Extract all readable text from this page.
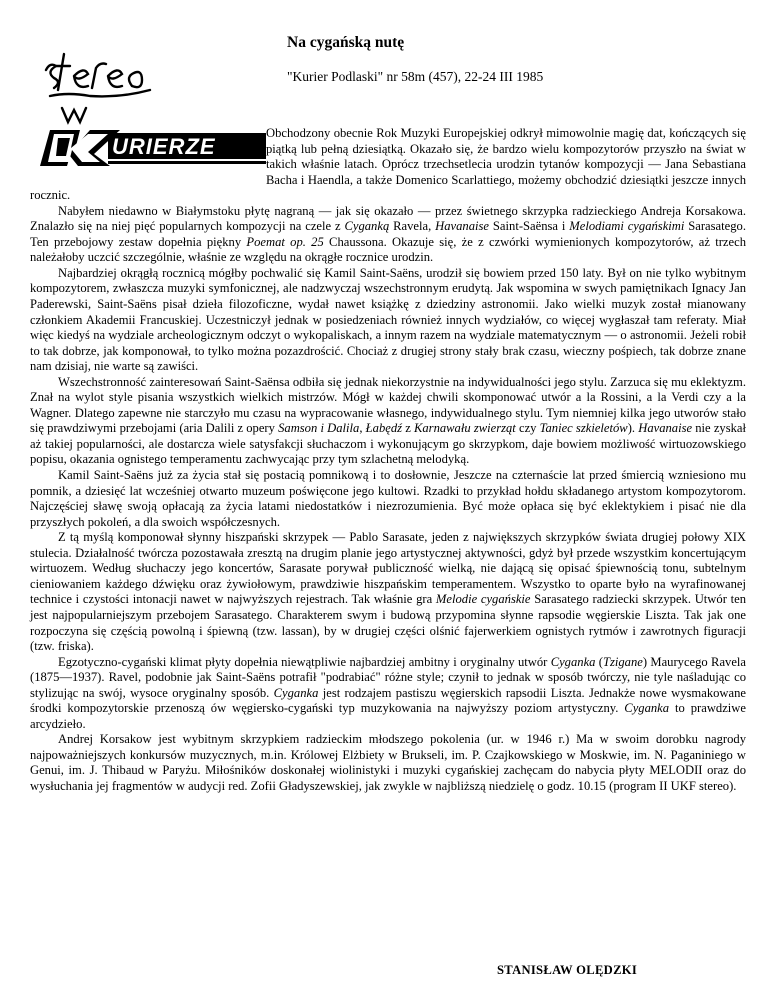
URIERZE
Na cygańską nutę
"Kurier Podlaski" nr 58m (457), 22-24 III 1985

Obchodzony obecnie Rok Muzyki Europejskiej odkrył mimowolnie magię dat, kończących się piątką lub pełną dziesiątką. Okazało się, że bardzo wielu kompozytorów przyszło na świat w takich właśnie latach. Oprócz trzechsetlecia urodzin tytanów kompozycji — Jana Sebastiana Bacha i Haendla, a także Domenico Scarlattiego, możemy obchodzić dziesiątki jeszcze innych rocznic.

Nabyłem niedawno w Białymstoku płytę nagraną — jak się okazało — przez świetnego skrzypka radzieckiego Andreja Korsakowa. Znalazło się na niej pięć popularnych kompozycji na czele z Cyganką Ravela, Havanaise Saint-Saënsa i Melodiami cygańskimi Sarasatego. Ten przebojowy zestaw dopełnia piękny Poemat op. 25 Chaussona. Okazuje się, że z czwórki wymienionych kompozytorów, aż trzech należałoby uczcić szczególnie, właśnie ze względu na okrągłe rocznice urodzin.

Najbardziej okrągłą rocznicą mógłby pochwalić się Kamil Saint-Saëns, urodził się bowiem przed 150 laty. Był on nie tylko wybitnym kompozytorem, zwłaszcza muzyki symfonicznej, ale nadzwyczaj wszechstronnym erudytą. Jak wspomina w swych pamiętnikach Ignacy Jan Paderewski, Saint-Saëns pisał dzieła filozoficzne, wydał nawet książkę z dziedziny astronomii. Jako wielki muzyk został mianowany członkiem Akademii Francuskiej. Uczestniczył jednak w posiedzeniach również innych wydziałów, co więcej wygłaszał tam referaty. Miał więc kiedyś na wydziale archeologicznym odczyt o wykopaliskach, a innym razem na wydziale matematycznym — o astronomii. Jeżeli robił to tak dobrze, jak komponował, to tylko można pozazdrościć. Chociaż z drugiej strony stały brak czasu, wieczny pośpiech, tak dobrze znane nam dzisiaj, nie warte są zawiści.

Wszechstronność zainteresowań Saint-Saënsa odbiła się jednak niekorzystnie na indywidualności jego stylu. Zarzuca się mu eklektyzm. Znał na wylot style pisania wszystkich wielkich mistrzów. Mógł w każdej chwili skomponować utwór a la Rossini, a la Verdi czy a la Wagner. Dlatego zapewne nie starczyło mu czasu na wypracowanie własnego, indywidualnego stylu. Tym niemniej kilka jego utworów stało się prawdziwymi przebojami (aria Dalili z opery Samson i Dalila, Łabędź z Karnawału zwierząt czy Taniec szkieletów). Havanaise nie zyskał aż takiej popularności, ale dostarcza wiele satysfakcji słuchaczom i wykonującym go skrzypkom, daje bowiem możliwość wirtuozowskiego popisu, okazania ognistego temperamentu zachwycając przy tym szlachetną melodyką.

Kamil Saint-Saëns już za życia stał się postacią pomnikową i to dosłownie, Jeszcze na czternaście lat przed śmiercią wzniesiono mu pomnik, a dziesięć lat wcześniej otwarto muzeum poświęcone jego kultowi. Rzadki to przykład hołdu składanego artystom kompozytorom. Najczęściej sławę swoją opłacają za życia latami niedostatków i niezrozumienia. Być może opłaca się być eklektykiem i pisać nie dla przyszłych pokoleń, a dla swoich współczesnych.

Z tą myślą komponował słynny hiszpański skrzypek — Pablo Sarasate, jeden z największych skrzypków świata drugiej połowy XIX stulecia. Działalność twórcza pozostawała zresztą na drugim planie jego artystycznej aktywności, gdyż był przede wszystkim koncertującym wirtuozem. Według słuchaczy jego koncertów, Sarasate porywał publiczność wielką, nie dającą się opisać śpiewnością tonu, subtelnym cieniowaniem każdego dźwięku oraz żywiołowym, prawdziwie hiszpańskim temperamentem. Wszystko to oparte było na wyrafinowanej technice i czystości intonacji nawet w najwyższych rejestrach. Tak właśnie gra Melodie cygańskie Sarasatego radziecki skrzypek. Utwór ten jest najpopularniejszym przebojem Sarasatego. Charakterem swym i budową przypomina słynne rapsodie węgierskie Liszta. Tak jak one rozpoczyna się częścią powolną i śpiewną (tzw. lassan), by w drugiej części olśnić fajerwerkiem ognistych rytmów i zawrotnych figuracji (tzw. friska).

Egzotyczno-cygański klimat płyty dopełnia niewątpliwie najbardziej ambitny i oryginalny utwór Cyganka (Tzigane) Maurycego Ravela (1875—1937). Ravel, podobnie jak Saint-Saëns potrafił "podrabiać" różne style; czynił to jednak w sposób twórczy, nie tyle naśladując co stylizując na swój, wysoce oryginalny sposób. Cyganka jest rodzajem pastiszu węgierskich rapsodii Liszta. Jednakże nowe wysmakowane środki kompozytorskie przenoszą ów węgiersko-cygański typ muzykowania na najwyższy poziom artystyczny. Cyganka to prawdziwe arcydzieło.

Andrej Korsakow jest wybitnym skrzypkiem radzieckim młodszego pokolenia (ur. w 1946 r.) Ma w swoim dorobku nagrody najpoważniejszych konkursów muzycznych, m.in. Królowej Elżbiety w Brukseli, im. P. Czajkowskiego w Moskwie, im. N. Paganiniego w Genui, im. J. Thibaud w Paryżu. Miłośników doskonałej wiolinistyki i muzyki cygańskiej zachęcam do nabycia płyty MELODII oraz do wysłuchania jej fragmentów w audycji red. Zofii Gładyszewskiej, jak zwykle w najbliższą niedzielę o godz. 10.15 (program II UKF stereo).

STANISŁAW OLĘDZKI
